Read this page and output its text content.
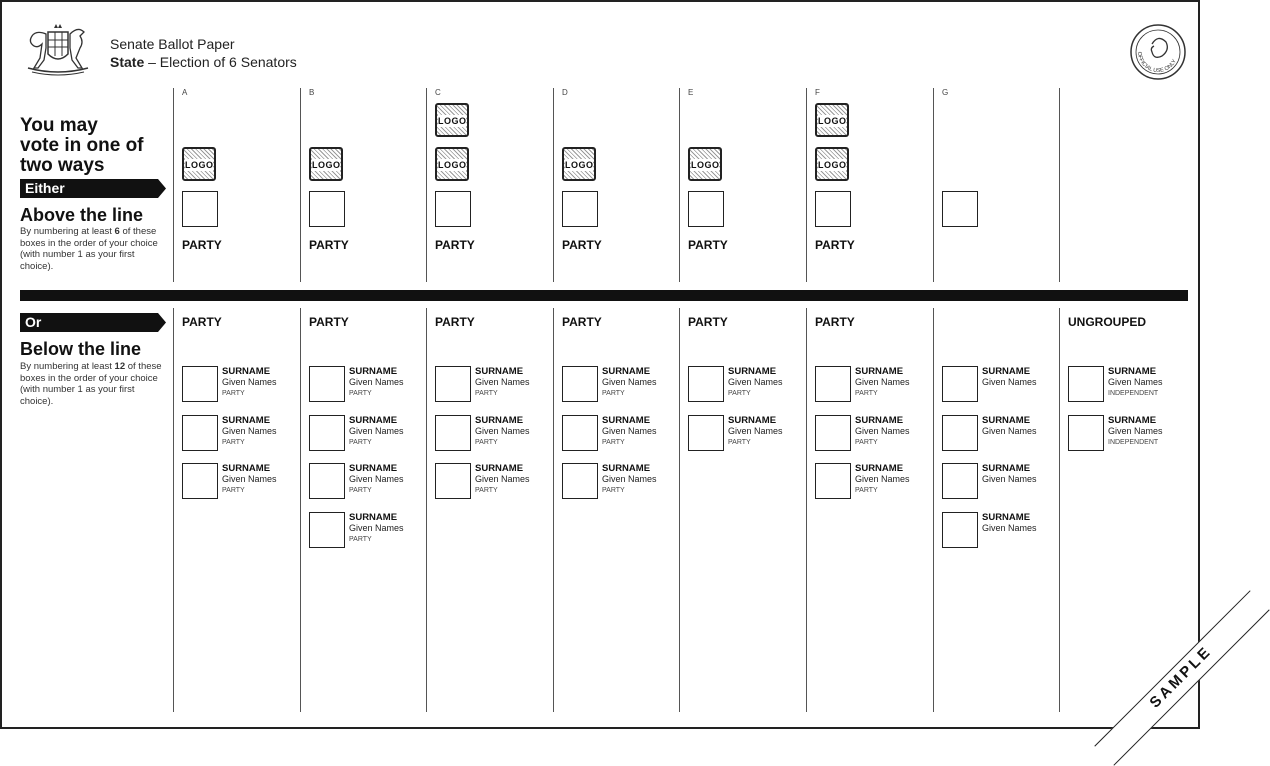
Senate Ballot Paper
State – Election of 6 Senators
OFFICIAL USE ONLY
You may
vote in one of
two ways
Either
Above the line
By numbering at least 6 of these boxes in the order of your choice (with number 1 as your first choice).
Or
Below the line
By numbering at least 12 of these boxes in the order of your choice (with number 1 as your first choice).
A
LOGO
PARTY
B
LOGO
PARTY
C
LOGO
LOGO
PARTY
D
LOGO
PARTY
E
LOGO
PARTY
F
LOGO
LOGO
PARTY
G
PARTY
SURNAME
Given Names
PARTY
SURNAME
Given Names
PARTY
SURNAME
Given Names
PARTY
PARTY
SURNAME
Given Names
PARTY
SURNAME
Given Names
PARTY
SURNAME
Given Names
PARTY
SURNAME
Given Names
PARTY
PARTY
SURNAME
Given Names
PARTY
SURNAME
Given Names
PARTY
SURNAME
Given Names
PARTY
PARTY
SURNAME
Given Names
PARTY
SURNAME
Given Names
PARTY
SURNAME
Given Names
PARTY
PARTY
SURNAME
Given Names
PARTY
SURNAME
Given Names
PARTY
PARTY
SURNAME
Given Names
PARTY
SURNAME
Given Names
PARTY
SURNAME
Given Names
PARTY
SURNAME
Given Names
SURNAME
Given Names
SURNAME
Given Names
SURNAME
Given Names
UNGROUPED
SURNAME
Given Names
INDEPENDENT
SURNAME
Given Names
INDEPENDENT
SAMPLE
